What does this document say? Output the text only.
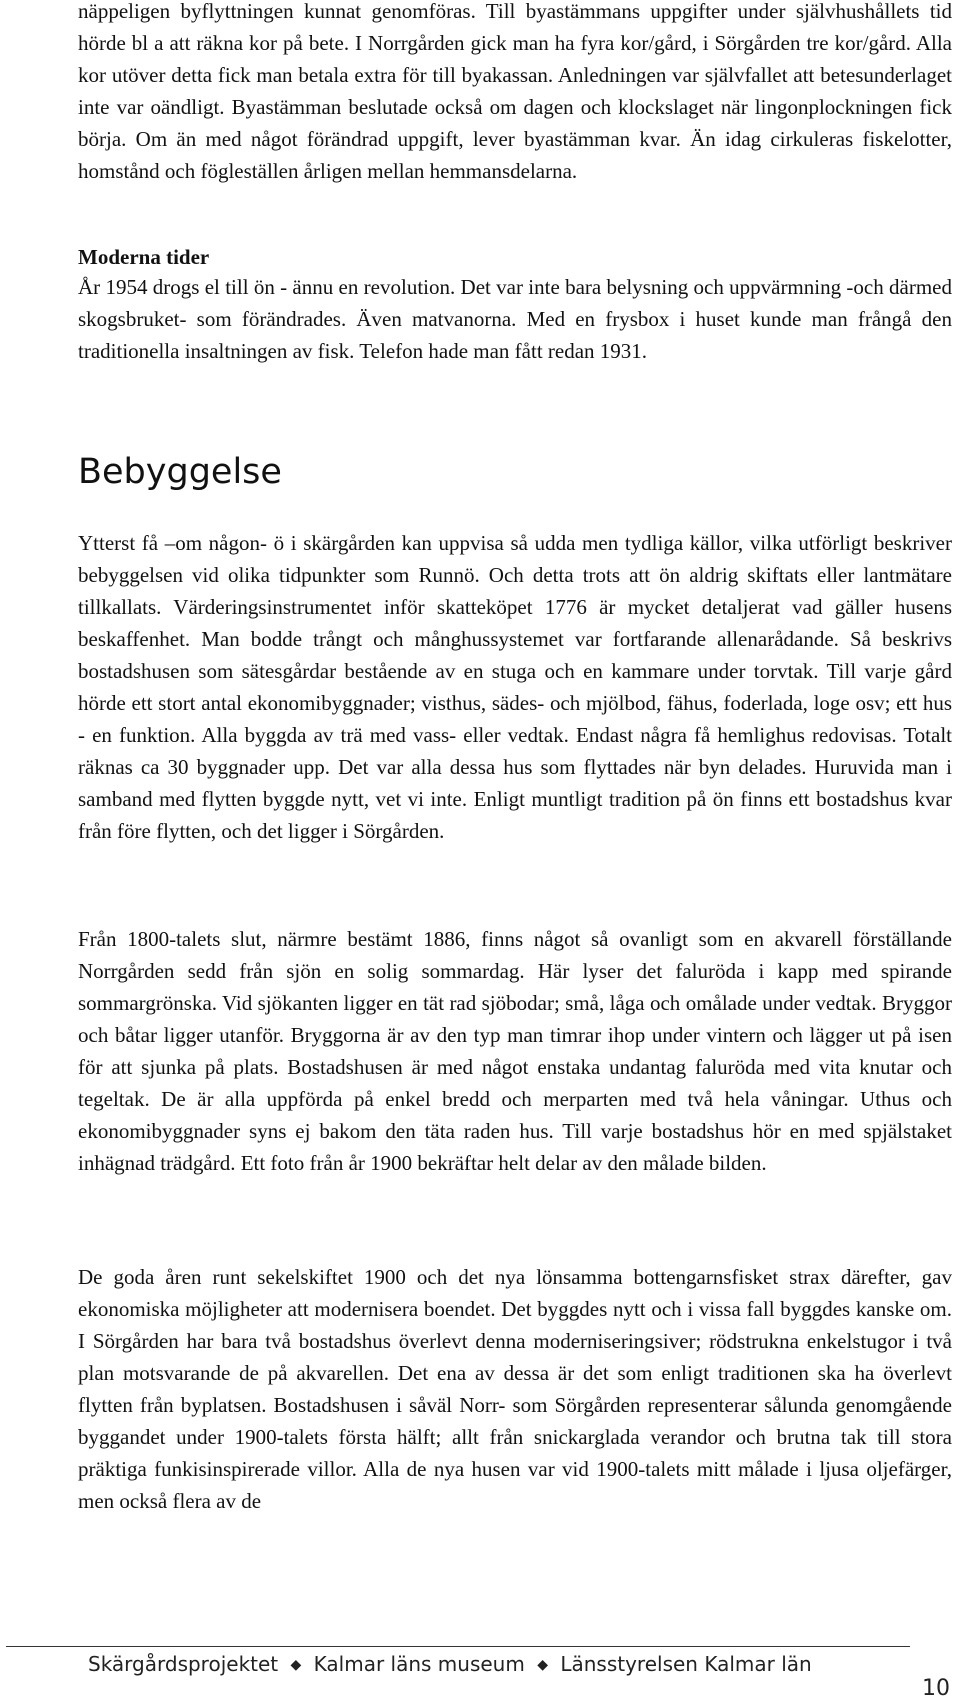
näppeligen byflyttningen kunnat genomföras. Till byastämmans uppgifter under självhushållets tid hörde bl a att räkna kor på bete. I Norrgården gick man ha fyra kor/gård, i Sörgården tre kor/gård. Alla kor utöver detta fick man betala extra för till byakassan. Anledningen var självfallet att betesunderlaget inte var oändligt. Byastämman beslutade också om dagen och klockslaget när lingonplockningen fick börja. Om än med något förändrad uppgift, lever byastämman kvar. Än idag cirkuleras fiskelotter, homstånd och fögleställen årligen mellan hemmansdelarna.

Moderna tider

År 1954 drogs el till ön - ännu en revolution. Det var inte bara belysning och uppvärmning -och därmed skogsbruket- som förändrades. Även matvanorna. Med en frysbox i huset kunde man frångå den traditionella insaltningen av fisk. Telefon hade man fått redan 1931.

Bebyggelse

Ytterst få –om någon- ö i skärgården kan uppvisa så udda men tydliga källor, vilka utförligt beskriver bebyggelsen vid olika tidpunkter som Runnö. Och detta trots att ön aldrig skiftats eller lantmätare tillkallats. Värderingsinstrumentet inför skatteköpet 1776 är mycket detaljerat vad gäller husens beskaffenhet. Man bodde trångt och månghussystemet var fortfarande allenarådande. Så beskrivs bostadshusen som sätesgårdar bestående av en stuga och en kammare under torvtak. Till varje gård hörde ett stort antal ekonomibyggnader; visthus, sädes- och mjölbod, fähus, foderlada, loge osv; ett hus - en funktion. Alla byggda av trä med vass- eller vedtak. Endast några få hemlighus redovisas. Totalt räknas ca 30 byggnader upp. Det var alla dessa hus som flyttades när byn delades. Huruvida man i samband med flytten byggde nytt, vet vi inte. Enligt muntligt tradition på ön finns ett bostadshus kvar från före flytten, och det ligger i Sörgården.

Från 1800-talets slut, närmre bestämt 1886, finns något så ovanligt som en akvarell förställande Norrgården sedd från sjön en solig sommardag. Här lyser det faluröda i kapp med spirande sommargrönska. Vid sjökanten ligger en tät rad sjöbodar; små, låga och omålade under vedtak. Bryggor och båtar ligger utanför. Bryggorna är av den typ man timrar ihop under vintern och lägger ut på isen för att sjunka på plats. Bostadshusen är med något enstaka undantag faluröda med vita knutar och tegeltak. De är alla uppförda på enkel bredd och merparten med två hela våningar. Uthus och ekonomibyggnader syns ej bakom den täta raden hus. Till varje bostadshus hör en med spjälstaket inhägnad trädgård. Ett foto från år 1900 bekräftar helt delar av den målade bilden.

De goda åren runt sekelskiftet 1900 och det nya lönsamma bottengarnsfisket strax därefter, gav ekonomiska möjligheter att modernisera boendet. Det byggdes nytt och i vissa fall byggdes kanske om. I Sörgården har bara två bostadshus överlevt denna moderniseringsiver; rödstrukna enkelstugor i två plan motsvarande de på akvarellen. Det ena av dessa är det som enligt traditionen ska ha överlevt flytten från byplatsen. Bostadshusen i såväl Norr- som Sörgården representerar sålunda genomgående byggandet under 1900-talets första hälft; allt från snickarglada verandor och brutna tak till stora präktiga funkisinspirerade villor. Alla de nya husen var vid 1900-talets mitt målade i ljusa oljefärger, men också flera av de

Skärgårdsprojektet ◆ Kalmar läns museum ◆ Länsstyrelsen Kalmar län
10
